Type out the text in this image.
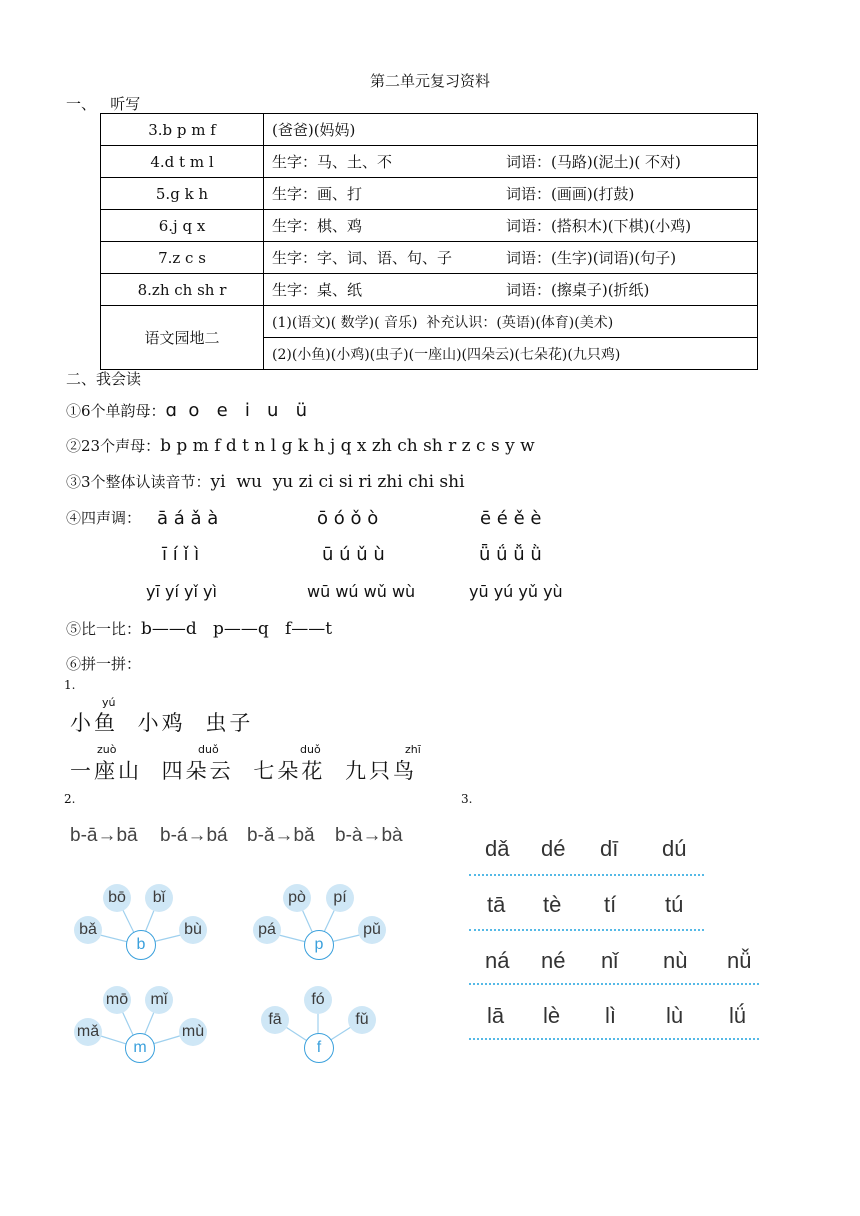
第二单元复习资料
一、   听写
3.b p m f	(爸爸)(妈妈)	
4.d t m l	生字：马、土、不	词语：(马路)(泥土)( 不对)
5.g k h	生字：画、打	词语：(画画)(打鼓)
6.j q x	生字：棋、鸡	词语：(搭积木)(下棋)(小鸡)
7.z c s	生字：字、词、语、句、子	词语：(生字)(词语)(句子)
8.zh ch sh r	生字：桌、纸	词语：(擦桌子)(折纸)
语文园地二	(1)(语文)( 数学)( 音乐)  补充认识：(英语)(体育)(美术)	
	(2)(小鱼)(小鸡)(虫子)(一座山)(四朵云)(七朵花)(九只鸡)	
二、我会读
①6个单韵母：ɑ  o   e   i   u   ü
②23个声母：b p m f d t n l ɡ k h j q x zh ch sh r z c s y w
③3个整体认读音节：yi  wu  yu zi ci si ri zhi chi shi
④四声调： ā á ǎ à	ō ó ǒ ò	ē é ě è
ī í ǐ ì	ū ú ǔ ù	ǖ ǘ ǚ ǜ
yī yí yǐ yì	wū wú wǔ wù	yū yú yǔ yù
⑤比一比：b——d   p——q   f——t
⑥拼一拼：
1.
yú
小鱼 小鸡 虫子
zuò	duǒ	duǒ	zhī
一座山 四朵云 七朵花 九只鸟
2.
b-ā→bā b-á→bá b-ǎ→bǎ b-à→bà
b
bō	bǐ
bǎ	bù
p
pò	pí
pá	pǔ
m
mō	mǐ
mǎ	mù
f
fó
fǔ
fā
3.
dǎ dé dī dú
tā tè tí tú
ná né nǐ nù nǚ
lā lè lì lù lǘ
